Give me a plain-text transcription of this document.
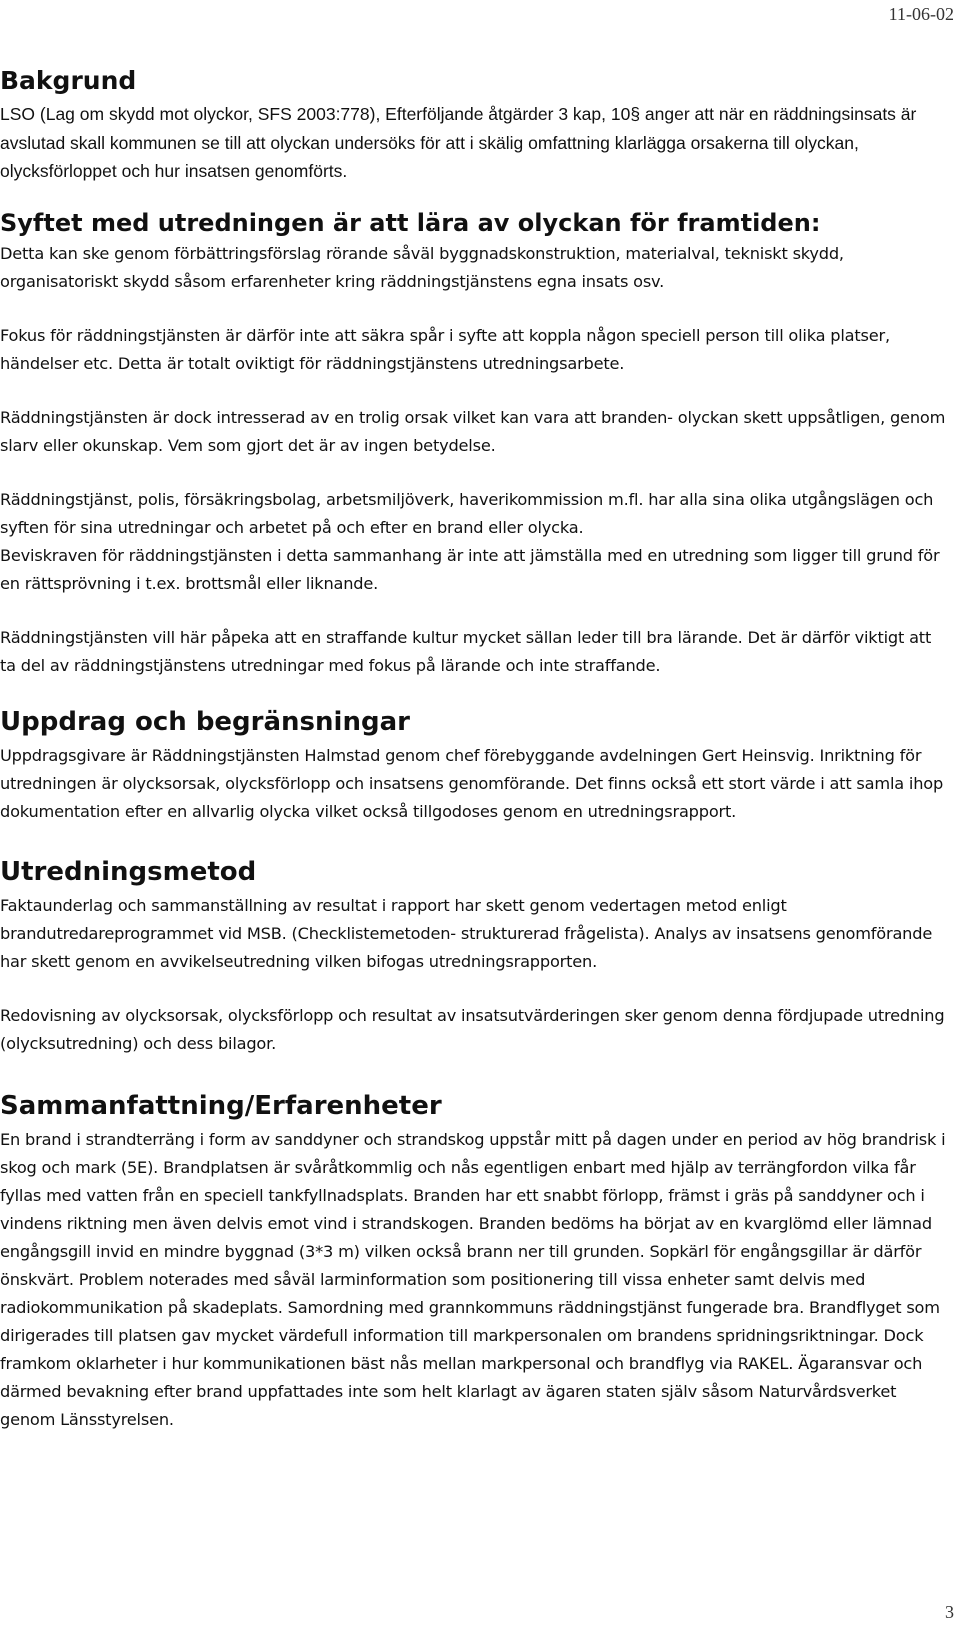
11-06-02
Bakgrund

LSO (Lag om skydd mot olyckor, SFS 2003:778), Efterföljande åtgärder 3 kap, 10§ anger att när en räddningsinsats är avslutad skall kommunen se till att olyckan undersöks för att i skälig omfattning klarlägga orsakerna till olyckan, olycksförloppet och hur insatsen genomförts.

Syftet med utredningen är att lära av olyckan för framtiden:

Detta kan ske genom förbättringsförslag rörande såväl byggnadskonstruktion, materialval, tekniskt skydd, organisatoriskt skydd såsom erfarenheter kring räddningstjänstens egna insats osv.

Fokus för räddningstjänsten är därför inte att säkra spår i syfte att koppla någon speciell person till olika platser, händelser etc. Detta är totalt oviktigt för räddningstjänstens utredningsarbete.

Räddningstjänsten är dock intresserad av en trolig orsak vilket kan vara att branden- olyckan skett uppsåtligen, genom slarv eller okunskap. Vem som gjort det är av ingen betydelse.

Räddningstjänst, polis, försäkringsbolag, arbetsmiljöverk, haverikommission m.fl. har alla sina olika utgångslägen och syften för sina utredningar och arbetet på och efter en brand eller olycka.

Beviskraven för räddningstjänsten i detta sammanhang är inte att jämställa med en utredning som ligger till grund för en rättsprövning i t.ex. brottsmål eller liknande.

Räddningstjänsten vill här påpeka att en straffande kultur mycket sällan leder till bra lärande. Det är därför viktigt att ta del av räddningstjänstens utredningar med fokus på lärande och inte straffande.

Uppdrag och begränsningar

Uppdragsgivare är Räddningstjänsten Halmstad genom chef förebyggande avdelningen Gert Heinsvig. Inriktning för utredningen är olycksorsak, olycksförlopp och insatsens genomförande. Det finns också ett stort värde i att samla ihop dokumentation efter en allvarlig olycka vilket också tillgodoses genom en utredningsrapport.

Utredningsmetod

Faktaunderlag och sammanställning av resultat i rapport har skett genom vedertagen metod enligt brandutredareprogrammet vid MSB. (Checklistemetoden- strukturerad frågelista). Analys av insatsens genomförande har skett genom en avvikelseutredning vilken bifogas utredningsrapporten.

Redovisning av olycksorsak, olycksförlopp och resultat av insatsutvärderingen sker genom denna fördjupade utredning (olycksutredning) och dess bilagor.

Sammanfattning/Erfarenheter

En brand i strandterräng i form av sanddyner och strandskog uppstår mitt på dagen under en period av hög brandrisk i skog och mark (5E). Brandplatsen är svåråtkommlig och nås egentligen enbart med hjälp av terrängfordon vilka får fyllas med vatten från en speciell tankfyllnadsplats. Branden har ett snabbt förlopp, främst i gräs på sanddyner och i vindens riktning men även delvis emot vind i strandskogen. Branden bedöms ha börjat av en kvarglömd eller lämnad engångsgill invid en mindre byggnad (3*3 m) vilken också brann ner till grunden. Sopkärl för engångsgillar är därför önskvärt. Problem noterades med såväl larminformation som positionering till vissa enheter samt delvis med radiokommunikation på skadeplats. Samordning med grannkommuns räddningstjänst fungerade bra. Brandflyget som dirigerades till platsen gav mycket värdefull information till markpersonalen om brandens spridningsriktningar. Dock framkom oklarheter i hur kommunikationen bäst nås mellan markpersonal och brandflyg via RAKEL. Ägaransvar och därmed bevakning efter brand uppfattades inte som helt klarlagt av ägaren staten själv såsom Naturvårdsverket genom Länsstyrelsen.

3
